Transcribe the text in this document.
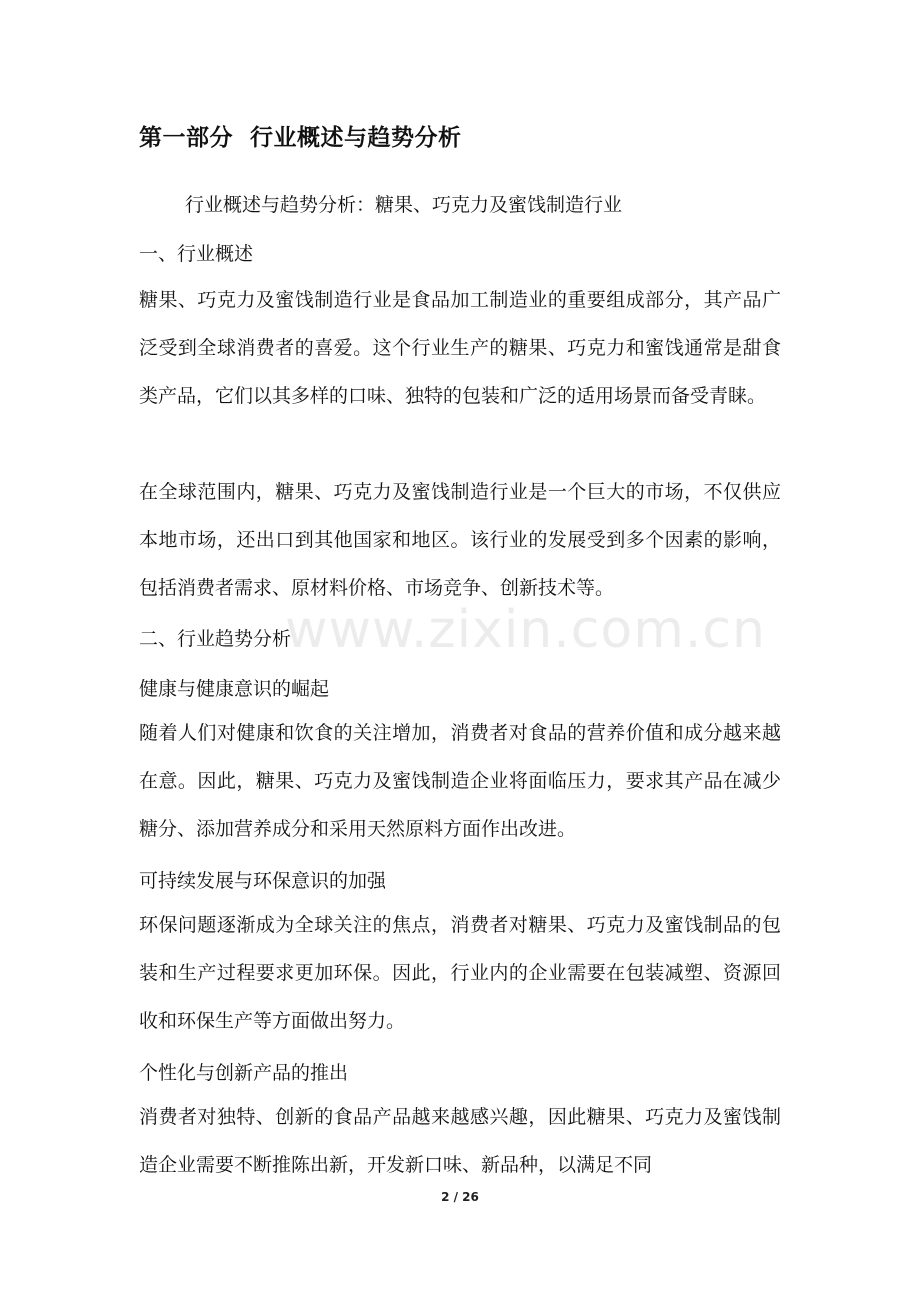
第一部分  行业概述与趋势分析
行业概述与趋势分析：糖果、巧克力及蜜饯制造行业
一、行业概述
糖果、巧克力及蜜饯制造行业是食品加工制造业的重要组成部分，其产品广泛受到全球消费者的喜爱。这个行业生产的糖果、巧克力和蜜饯通常是甜食类产品，它们以其多样的口味、独特的包装和广泛的适用场景而备受青睐。
在全球范围内，糖果、巧克力及蜜饯制造行业是一个巨大的市场，不仅供应本地市场，还出口到其他国家和地区。该行业的发展受到多个因素的影响，包括消费者需求、原材料价格、市场竞争、创新技术等。
二、行业趋势分析
健康与健康意识的崛起
随着人们对健康和饮食的关注增加，消费者对食品的营养价值和成分越来越在意。因此，糖果、巧克力及蜜饯制造企业将面临压力，要求其产品在减少糖分、添加营养成分和采用天然原料方面作出改进。
可持续发展与环保意识的加强
环保问题逐渐成为全球关注的焦点，消费者对糖果、巧克力及蜜饯制品的包装和生产过程要求更加环保。因此，行业内的企业需要在包装减塑、资源回收和环保生产等方面做出努力。
个性化与创新产品的推出
消费者对独特、创新的食品产品越来越感兴趣，因此糖果、巧克力及蜜饯制造企业需要不断推陈出新，开发新口味、新品种，以满足不同
www.zixin.com.cn
2 / 26
